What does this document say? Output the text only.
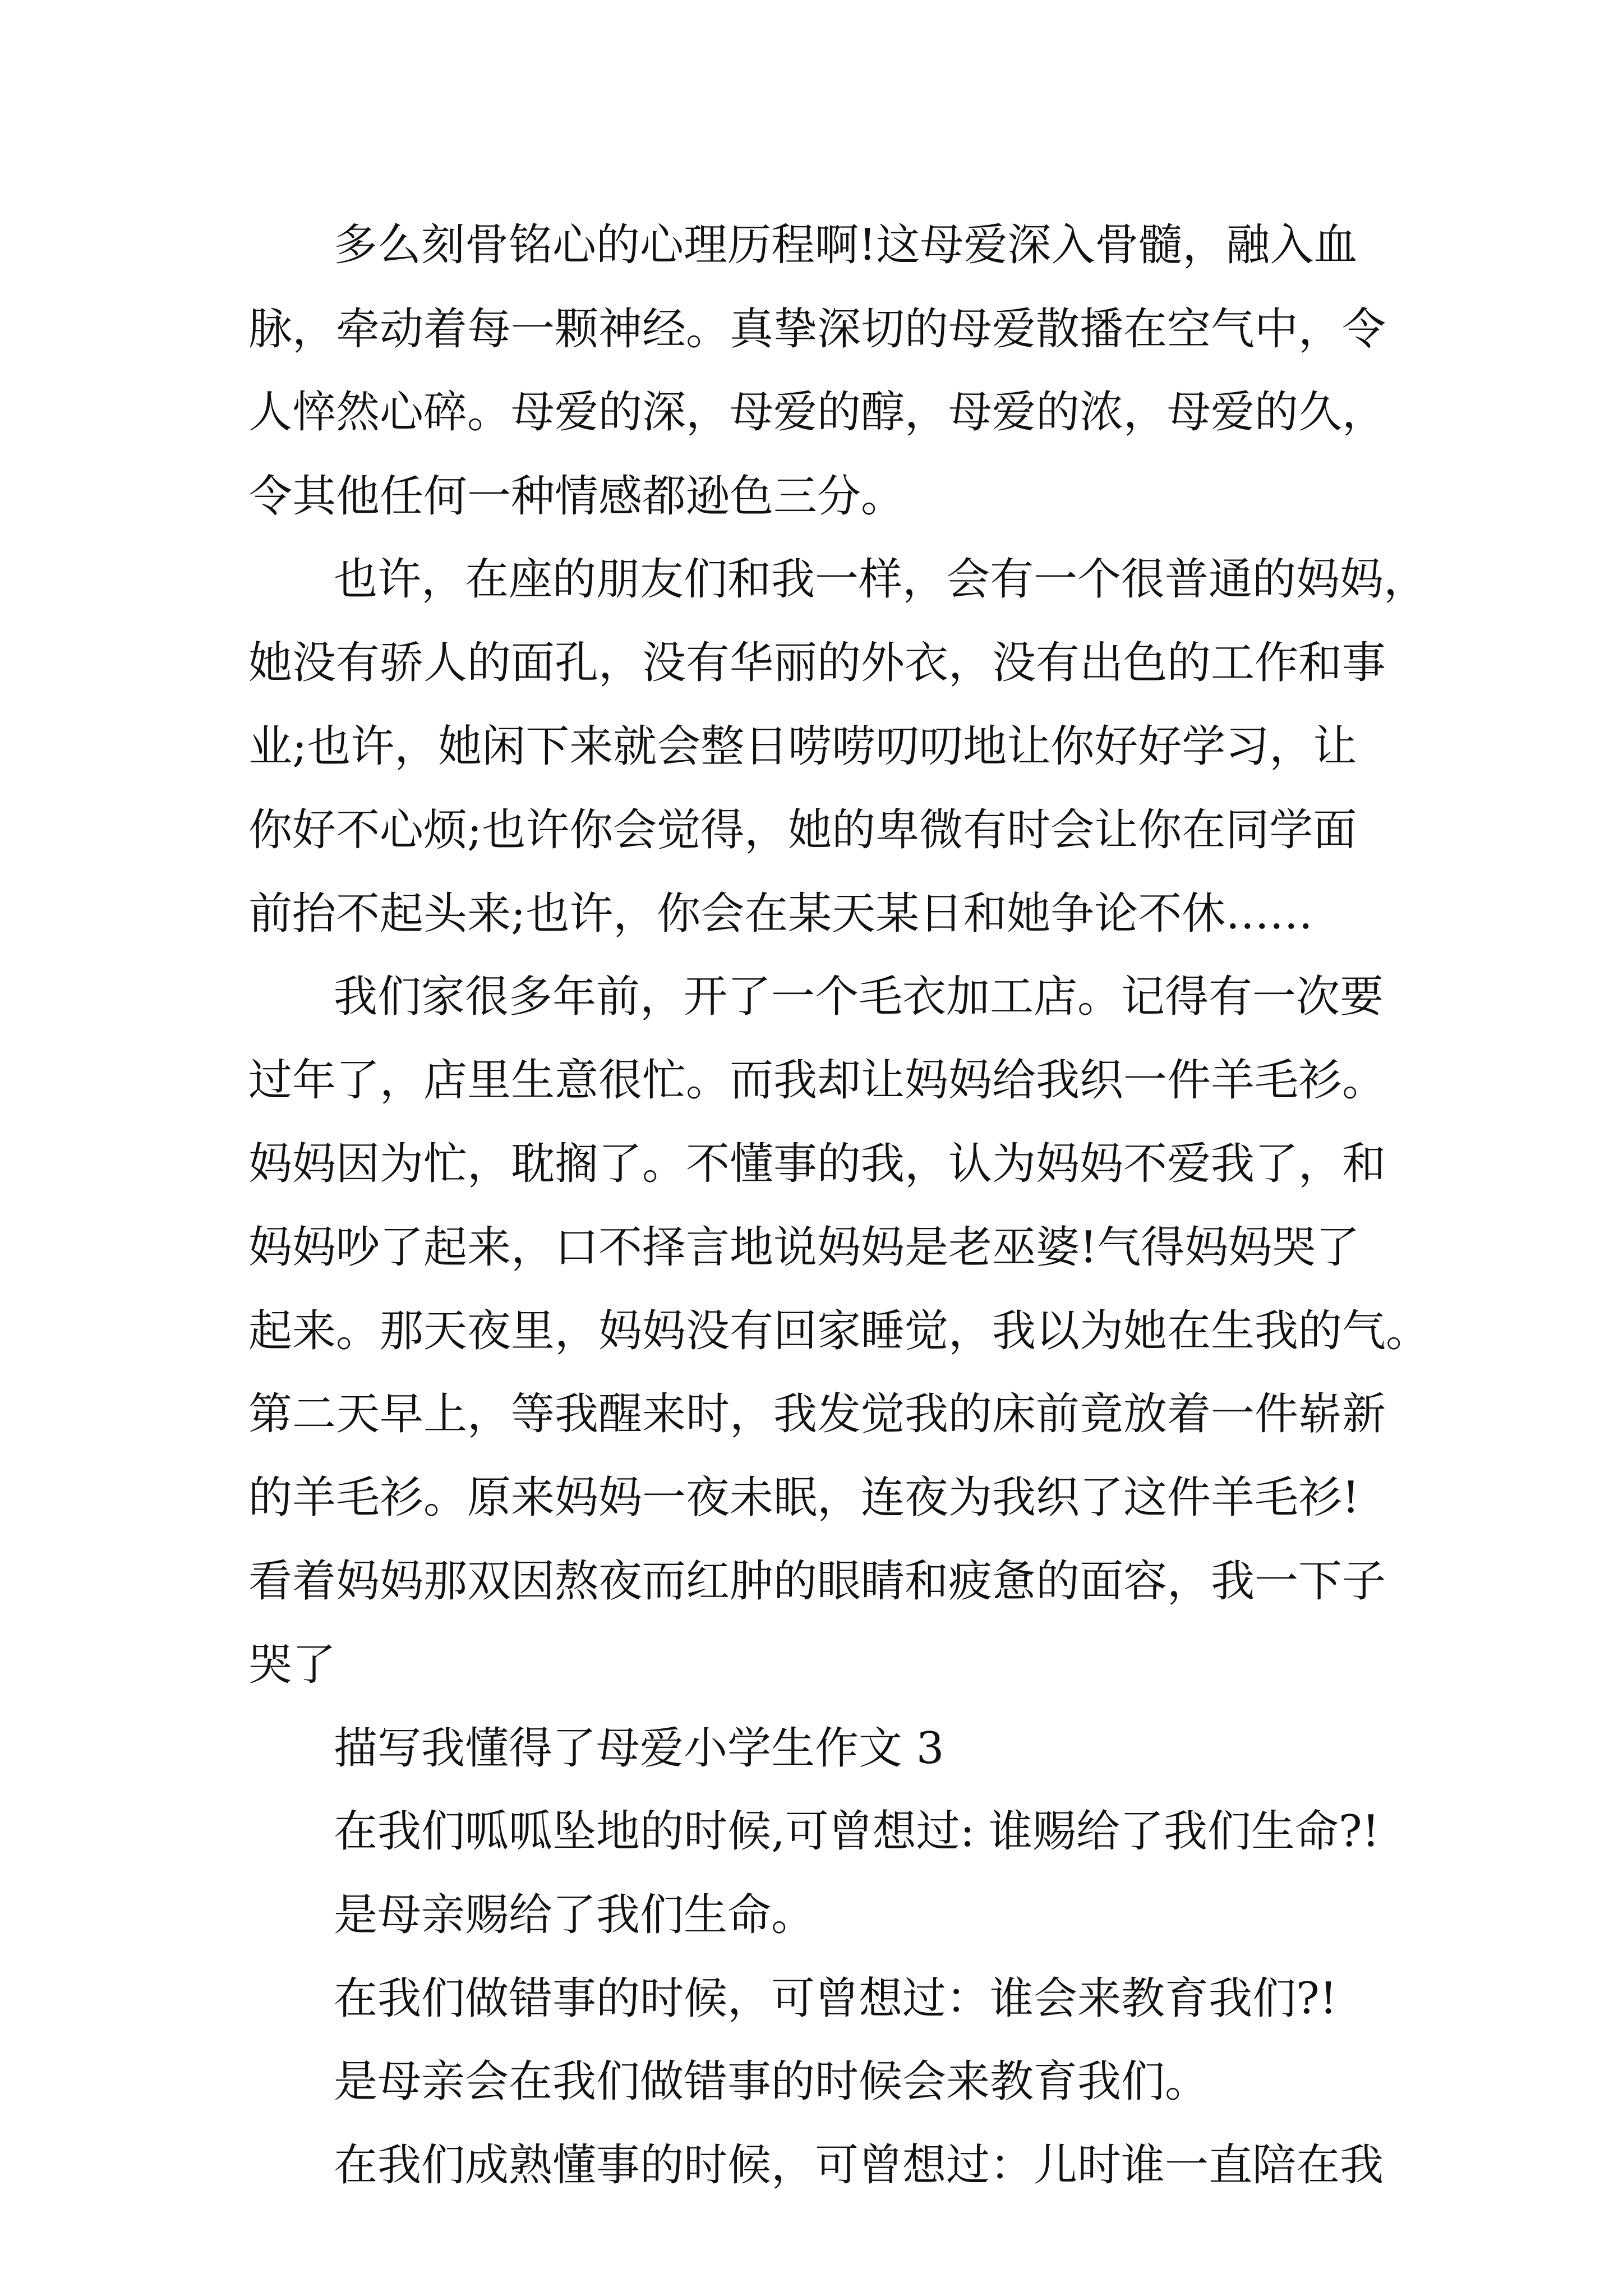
多么刻骨铭心的心理历程啊!这母爱深入骨髓，融入血
脉，牵动着每一颗神经。真挚深切的母爱散播在空气中，令
人悴然心碎。母爱的深，母爱的醇，母爱的浓，母爱的久，
令其他任何一种情感都逊色三分。
也许，在座的朋友们和我一样，会有一个很普通的妈妈，
她没有骄人的面孔，没有华丽的外衣，没有出色的工作和事
业;也许，她闲下来就会整日唠唠叨叨地让你好好学习，让
你好不心烦;也许你会觉得，她的卑微有时会让你在同学面
前抬不起头来;也许，你会在某天某日和她争论不休……
我们家很多年前，开了一个毛衣加工店。记得有一次要
过年了，店里生意很忙。而我却让妈妈给我织一件羊毛衫。
妈妈因为忙，耽搁了。不懂事的我，认为妈妈不爱我了，和
妈妈吵了起来，口不择言地说妈妈是老巫婆!气得妈妈哭了
起来。那天夜里，妈妈没有回家睡觉，我以为她在生我的气。
第二天早上，等我醒来时，我发觉我的床前竟放着一件崭新
的羊毛衫。原来妈妈一夜未眠，连夜为我织了这件羊毛衫!
看着妈妈那双因熬夜而红肿的眼睛和疲惫的面容，我一下子
哭了
描写我懂得了母爱小学生作文 3
在我们呱呱坠地的时候,可曾想过: 谁赐给了我们生命?!
是母亲赐给了我们生命。
在我们做错事的时候，可曾想过：谁会来教育我们?!
是母亲会在我们做错事的时候会来教育我们。
在我们成熟懂事的时候，可曾想过：儿时谁一直陪在我
